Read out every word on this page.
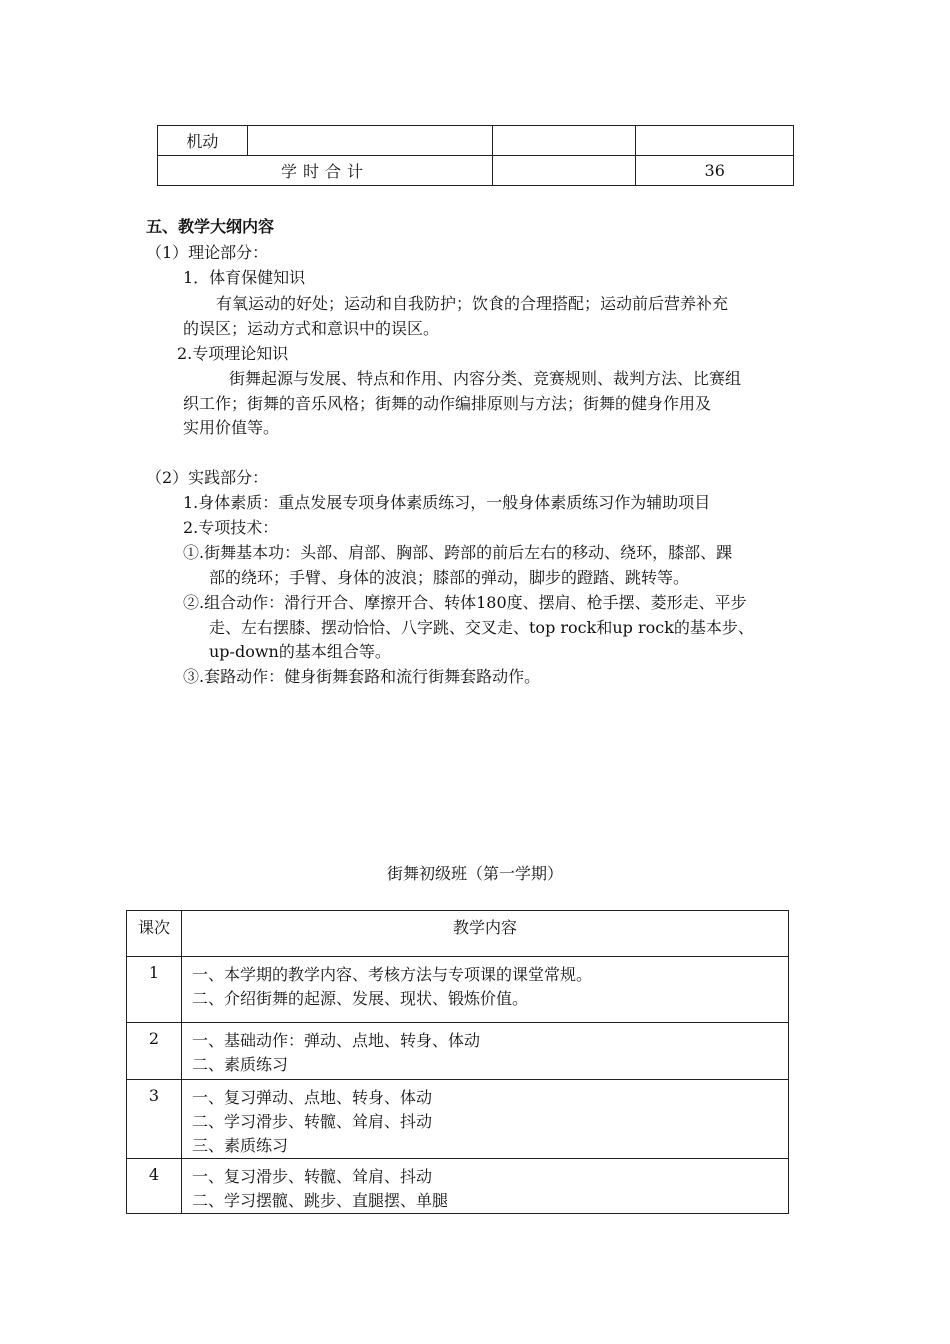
机动			
学时合计			36
五、教学大纲内容
（1）理论部分：
1．体育保健知识
有氧运动的好处；运动和自我防护；饮食的合理搭配；运动前后营养补充
的误区；运动方式和意识中的误区。
2.专项理论知识
街舞起源与发展、特点和作用、内容分类、竞赛规则、裁判方法、比赛组
织工作；街舞的音乐风格；街舞的动作编排原则与方法；街舞的健身作用及
实用价值等。
（2）实践部分：
1.身体素质：重点发展专项身体素质练习，一般身体素质练习作为辅助项目
2.专项技术：
①.街舞基本功：头部、肩部、胸部、跨部的前后左右的移动、绕环，膝部、踝
部的绕环；手臂、身体的波浪；膝部的弹动，脚步的蹬踏、跳转等。
②.组合动作：滑行开合、摩擦开合、转体180度、摆肩、枪手摆、菱形走、平步
走、左右摆膝、摆动恰恰、八字跳、交叉走、top rock和up rock的基本步、
up-down的基本组合等。
③.套路动作：健身街舞套路和流行街舞套路动作。
街舞初级班（第一学期）
课次	教学内容
1	一、本学期的教学内容、考核方法与专项课的课堂常规。
二、介绍街舞的起源、发展、现状、锻炼价值。

2	一、基础动作：弹动、点地、转身、体动
二、素质练习

3	一、复习弹动、点地、转身、体动
二、学习滑步、转髋、耸肩、抖动
三、素质练习

4	一、复习滑步、转髋、耸肩、抖动
二、学习摆髋、跳步、直腿摆、单腿
